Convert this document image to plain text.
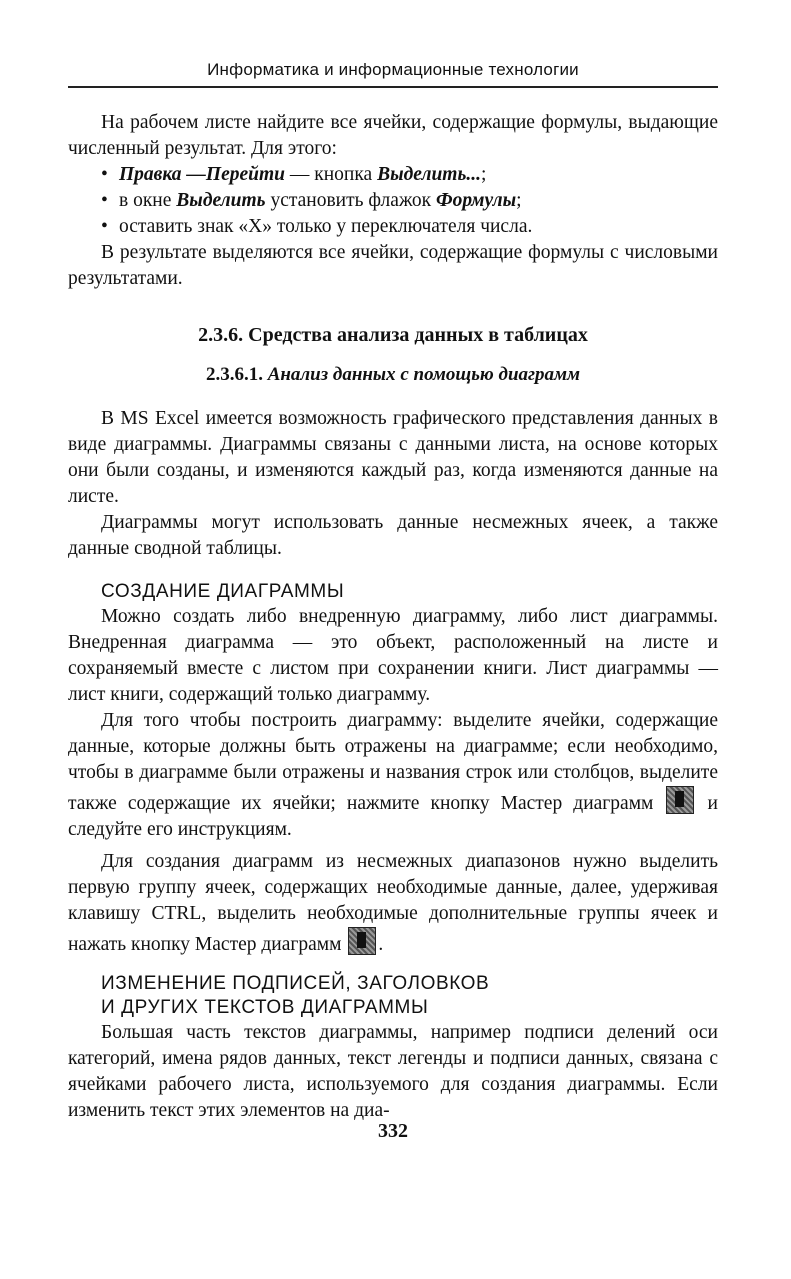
Информатика и информационные технологии

На рабочем листе найдите все ячейки, содержащие формулы, выдающие численный результат. Для этого:

• Правка —Перейти — кнопка Выделить...;
• в окне Выделить установить флажок Формулы;
• оставить знак «X» только у переключателя числа.

В результате выделяются все ячейки, содержащие формулы с числовыми результатами.

2.3.6. Средства анализа данных в таблицах
2.3.6.1. Анализ данных с помощью диаграмм

В MS Excel имеется возможность графического представления данных в виде диаграммы. Диаграммы связаны с данными листа, на основе которых они были созданы, и изменяются каждый раз, когда изменяются данные на листе.

Диаграммы могут использовать данные несмежных ячеек, а также данные сводной таблицы.

СОЗДАНИЕ ДИАГРАММЫ

Можно создать либо внедренную диаграмму, либо лист диаграммы. Внедренная диаграмма — это объект, расположенный на листе и сохраняемый вместе с листом при сохранении книги. Лист диаграммы — лист книги, содержащий только диаграмму.

Для того чтобы построить диаграмму: выделите ячейки, содержащие данные, которые должны быть отражены на диаграмме; если необходимо, чтобы в диаграмме были отражены и названия строк или столбцов, выделите также содержащие их ячейки; нажмите кнопку Мастер диаграмм  и следуйте его инструкциям.

Для создания диаграмм из несмежных диапазонов нужно выделить первую группу ячеек, содержащих необходимые данные, далее, удерживая клавишу CTRL, выделить необходимые дополнительные группы ячеек и нажать кнопку Мастер диаграмм .

ИЗМЕНЕНИЕ ПОДПИСЕЙ, ЗАГОЛОВКОВ
И ДРУГИХ ТЕКСТОВ ДИАГРАММЫ

Большая часть текстов диаграммы, например подписи делений оси категорий, имена рядов данных, текст легенды и подписи данных, связана с ячейками рабочего листа, используемого для создания диаграммы. Если изменить текст этих элементов на диа-

332
